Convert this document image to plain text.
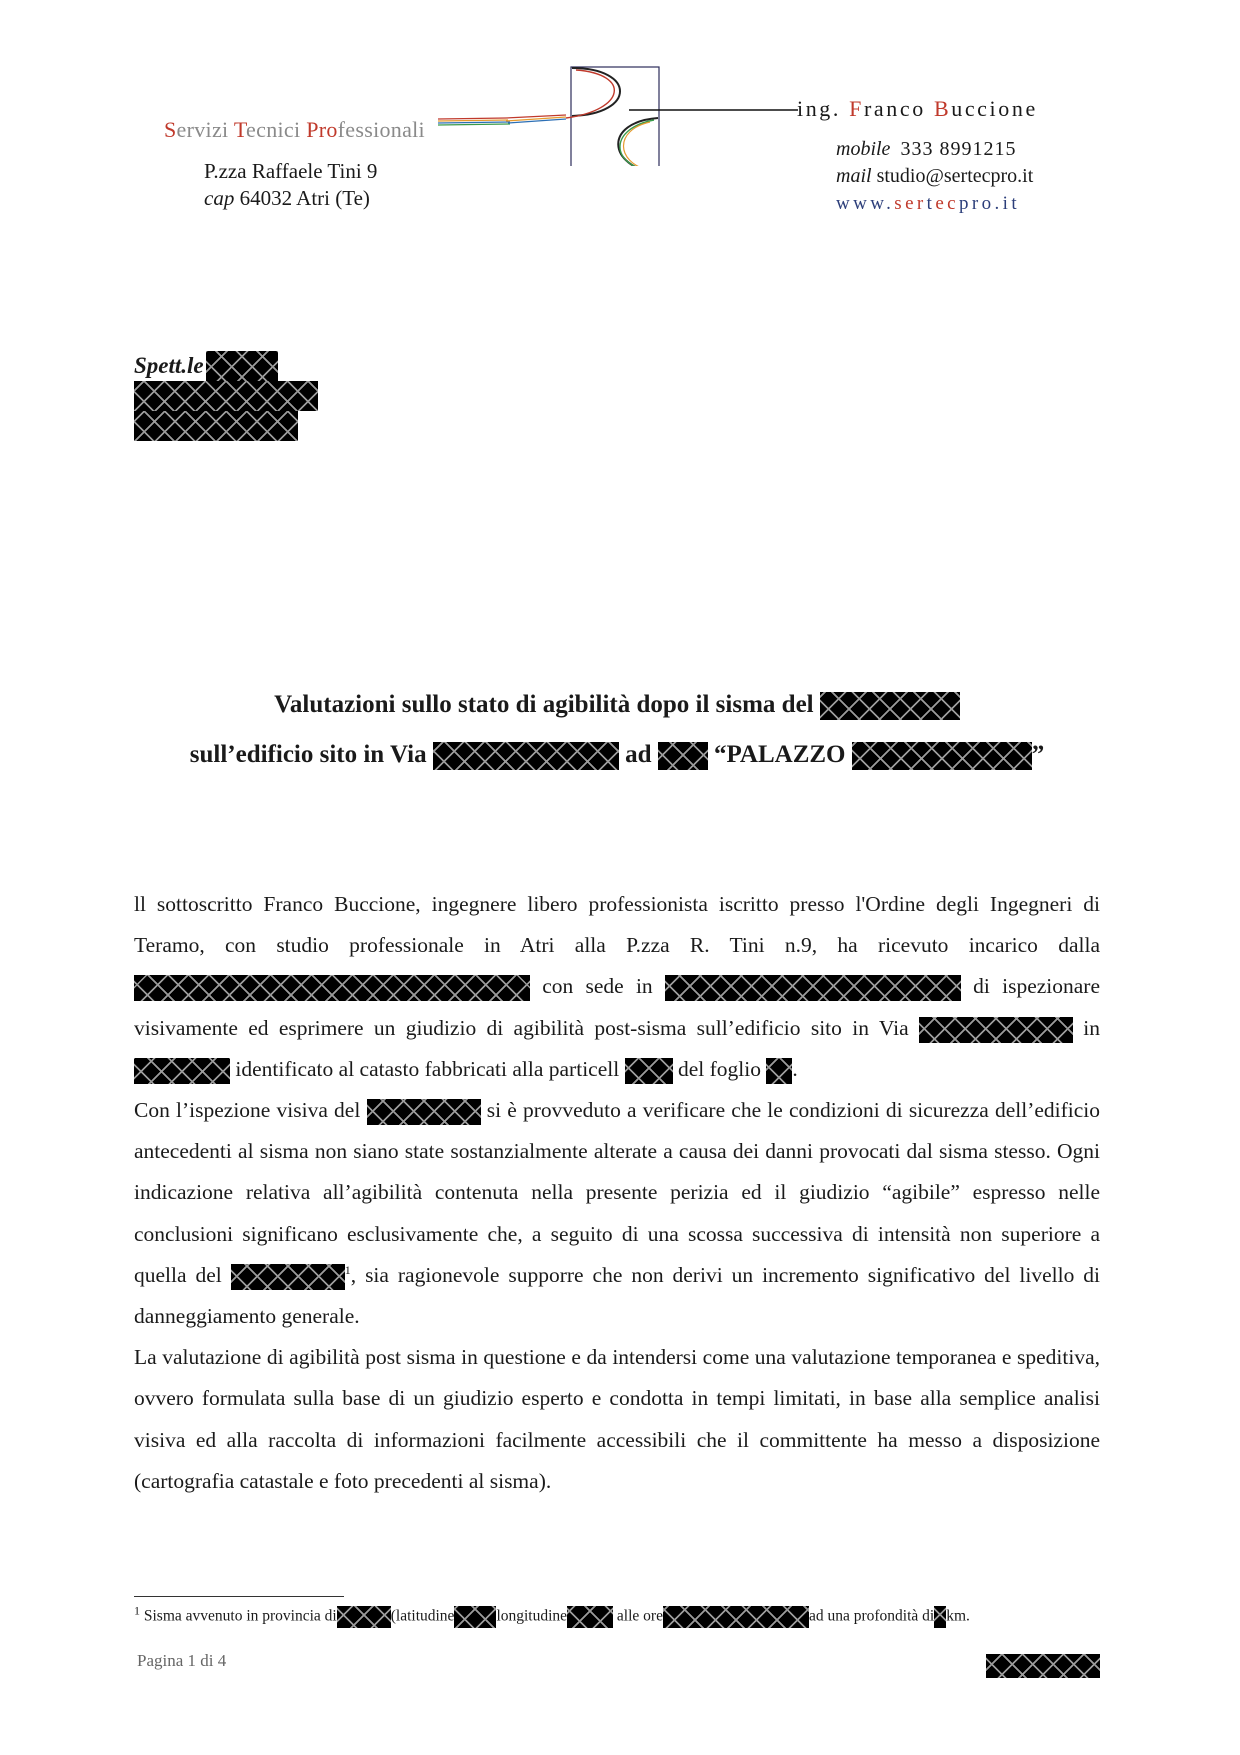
Servizi Tecnici Professionali
P.zza Raffaele Tini 9
cap 64032 Atri (Te)
ing. Franco Buccione
mobile 333 8991215
mail studio@sertecpro.it
www.sertecpro.it
Spett.le
Valutazioni sullo stato di agibilità dopo il sisma del
sull’edificio sito in Via	ad	“PALAZZO	”

ll sottoscritto Franco Buccione, ingegnere libero professionista iscritto presso l'Ordine degli Ingegneri di Teramo, con studio professionale in Atri alla P.zza R. Tini n.9, ha ricevuto incarico dalla  con sede in	di ispezionare visivamente ed esprimere un giudizio di agibilità post-sisma sull’edificio sito in Via	in  identificato al catasto fabbricati alla particell	del foglio .

Con l’ispezione visiva del	si è provveduto a verificare che le condizioni di sicurezza dell’edificio antecedenti al sisma non siano state sostanzialmente alterate a causa dei danni provocati dal sisma stesso. Ogni indicazione relativa all’agibilità contenuta nella presente perizia ed il giudizio “agibile” espresso nelle conclusioni significano esclusivamente che, a seguito di una scossa successiva di intensità non superiore a quella del	$^1$, sia ragionevole supporre che non derivi un incremento significativo del livello di danneggiamento generale.

La valutazione di agibilità post sisma in questione e da intendersi come una valutazione temporanea e speditiva, ovvero formulata sulla base di un giudizio esperto e condotta in tempi limitati, in base alla semplice analisi visiva ed alla raccolta di informazioni facilmente accessibili che il committente ha messo a disposizione (cartografia catastale e foto precedenti al sisma).

$^1$ Sisma avvenuto in provincia di	(latitudine	longitudine	alle ore	ad una profondità di km.
Pagina 1 di 4
